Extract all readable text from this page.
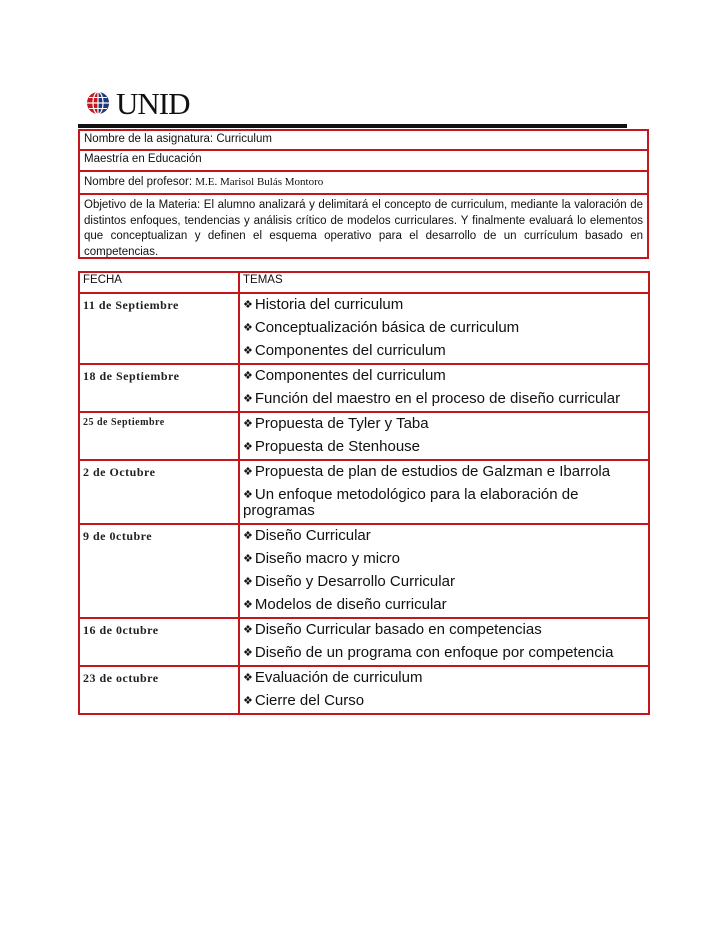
UNID
Nombre de la asignatura: Curriculum
Maestría en Educación
Nombre del profesor: M.E. Marisol Bulás Montoro
Objetivo de la Materia: El alumno analizará y delimitará el concepto de curriculum, mediante la valoración de distintos enfoques, tendencias y análisis crítico de modelos curriculares. Y finalmente evaluará lo elementos que conceptualizan y definen el esquema operativo para el desarrollo de un currículum basado en competencias.
FECHA	TEMAS
11 de Septiembre	❖ Historia del curriculum
❖ Conceptualización básica de curriculum
❖ Componentes del curriculum

18 de Septiembre	❖ Componentes del curriculum
❖ Función del maestro en el proceso de diseño curricular

25 de Septiembre	❖ Propuesta de Tyler y Taba
❖ Propuesta de Stenhouse

2 de Octubre	❖ Propuesta de plan de estudios de Galzman e Ibarrola
❖ Un enfoque metodológico para la elaboración de programas

9 de 0ctubre	❖ Diseño Curricular
❖ Diseño macro y micro
❖ Diseño y Desarrollo Curricular
❖ Modelos de diseño curricular

16 de 0ctubre	❖ Diseño Curricular basado en competencias
❖ Diseño de un programa con enfoque por competencia

23 de octubre	❖ Evaluación de curriculum
❖ Cierre del Curso
